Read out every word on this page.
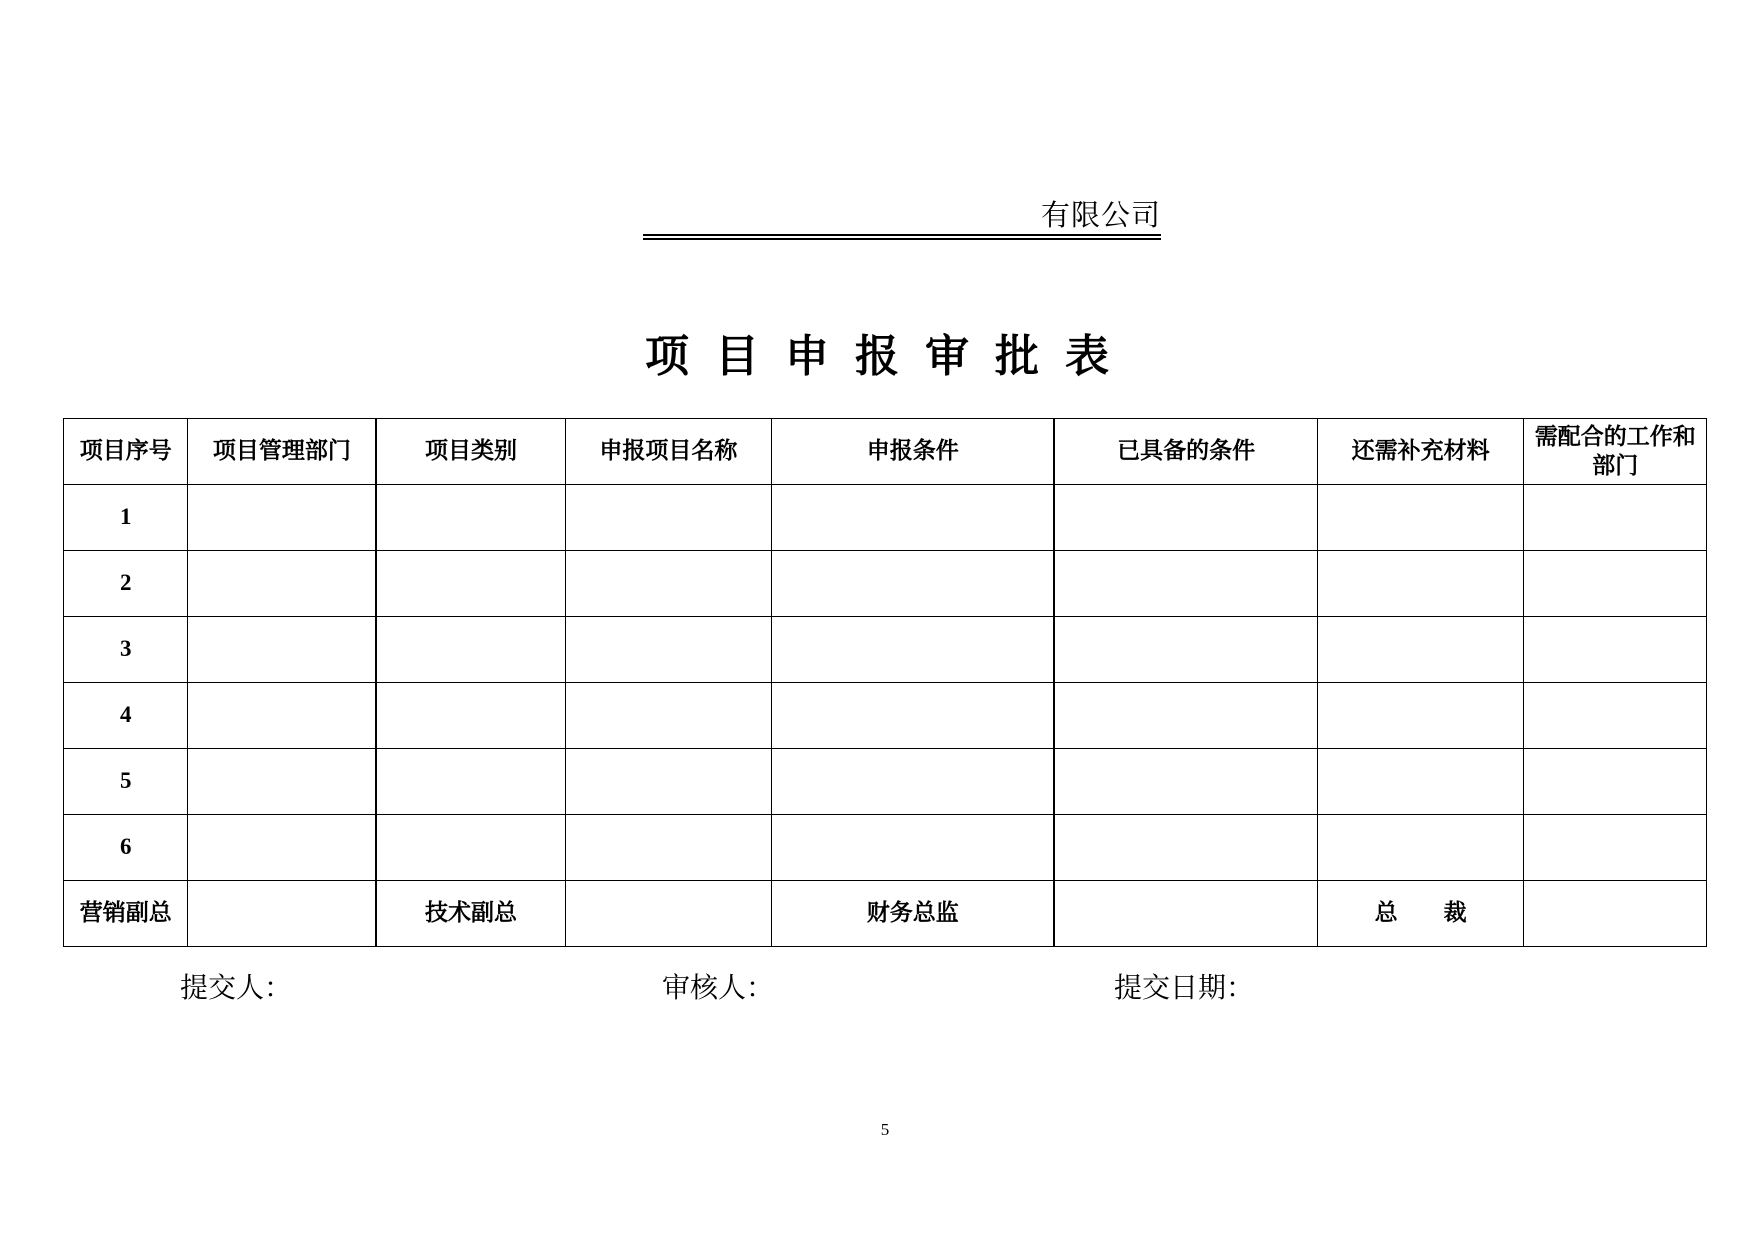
有限公司
项目申报审批表
项目序号	项目管理部门	项目类别	申报项目名称	申报条件	已具备的条件	还需补充材料	需配合的工作和部门
1							
2							
3							
4							
5							
6							
营销副总		技术副总		财务总监		总　　裁	
提交人：	审核人：	提交日期：
5
